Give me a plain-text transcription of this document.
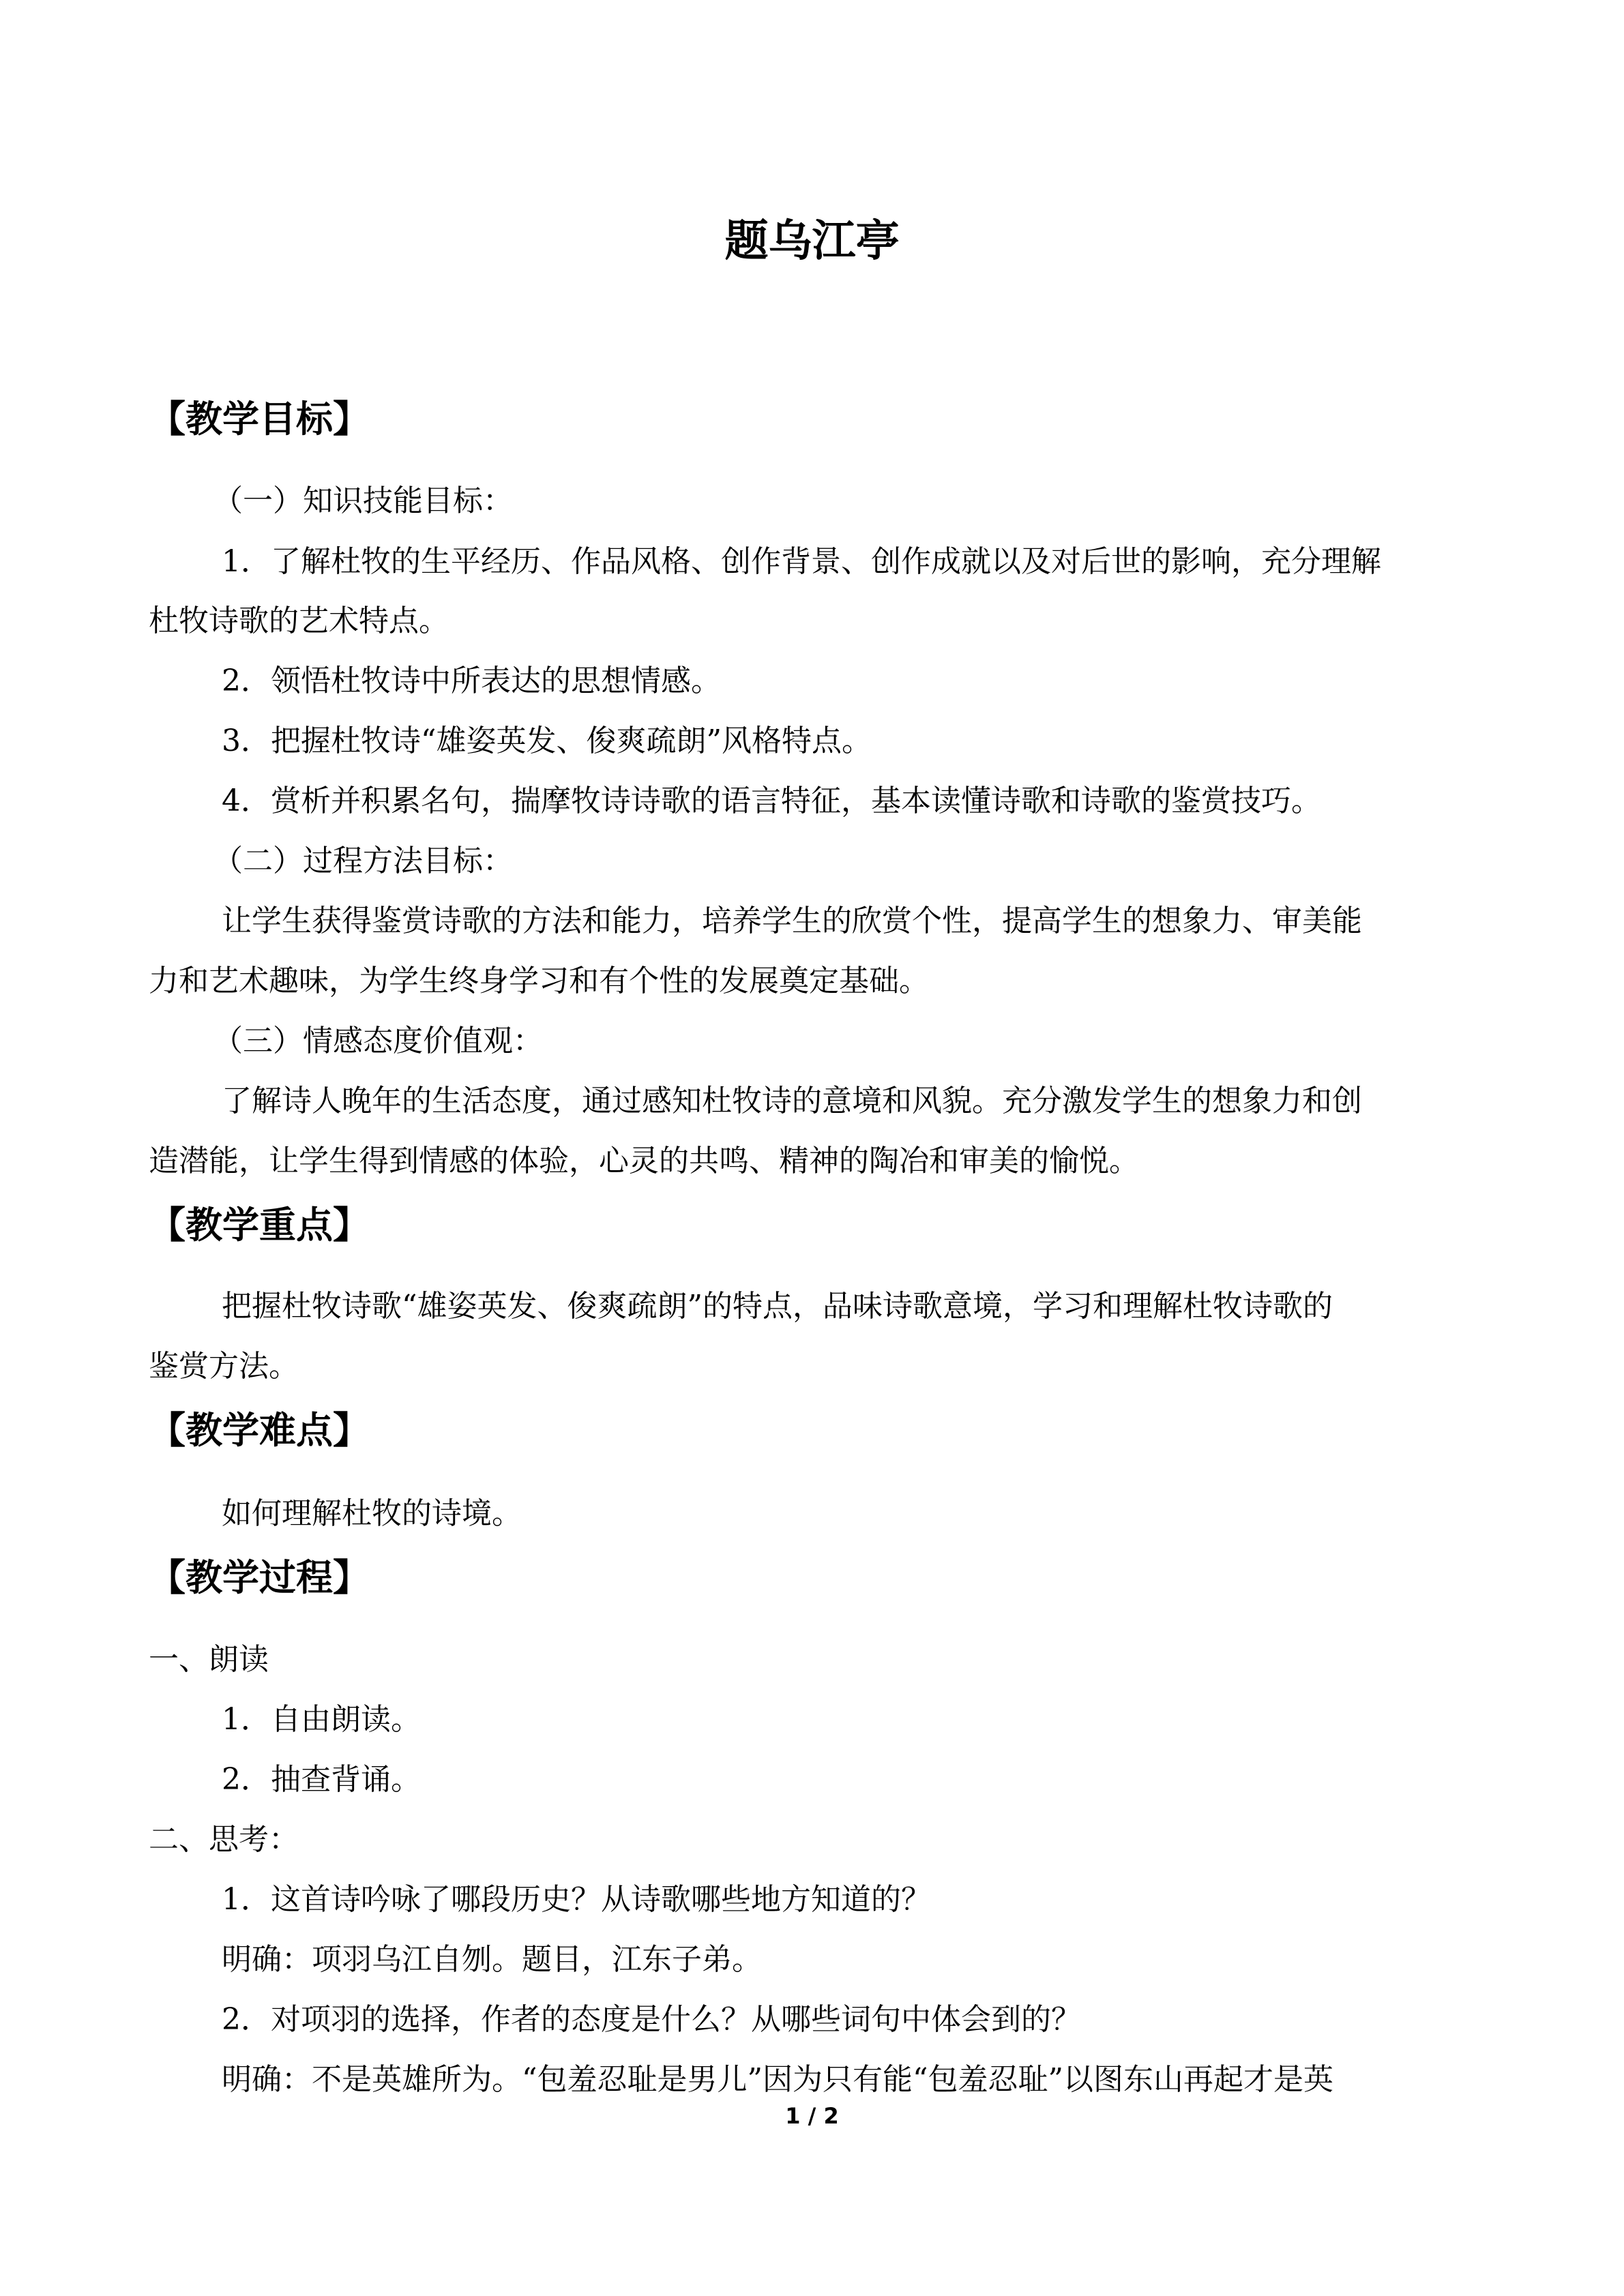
题乌江亭
【教学目标】
（一）知识技能目标：
1．了解杜牧的生平经历、作品风格、创作背景、创作成就以及对后世的影响，充分理解
杜牧诗歌的艺术特点。
2．领悟杜牧诗中所表达的思想情感。
3．把握杜牧诗“雄姿英发、俊爽疏朗”风格特点。
4．赏析并积累名句，揣摩牧诗诗歌的语言特征，基本读懂诗歌和诗歌的鉴赏技巧。
（二）过程方法目标：
让学生获得鉴赏诗歌的方法和能力，培养学生的欣赏个性，提高学生的想象力、审美能
力和艺术趣味，为学生终身学习和有个性的发展奠定基础。
（三）情感态度价值观：
了解诗人晚年的生活态度，通过感知杜牧诗的意境和风貌。充分激发学生的想象力和创
造潜能，让学生得到情感的体验，心灵的共鸣、精神的陶冶和审美的愉悦。
【教学重点】
把握杜牧诗歌“雄姿英发、俊爽疏朗”的特点，品味诗歌意境，学习和理解杜牧诗歌的
鉴赏方法。
【教学难点】
如何理解杜牧的诗境。
【教学过程】
一、朗读
1．自由朗读。
2．抽查背诵。
二、思考：
1．这首诗吟咏了哪段历史？从诗歌哪些地方知道的？
明确：项羽乌江自刎。题目，江东子弟。
2．对项羽的选择，作者的态度是什么？从哪些词句中体会到的？
明确：不是英雄所为。“包羞忍耻是男儿”因为只有能“包羞忍耻”以图东山再起才是英
1 / 2
